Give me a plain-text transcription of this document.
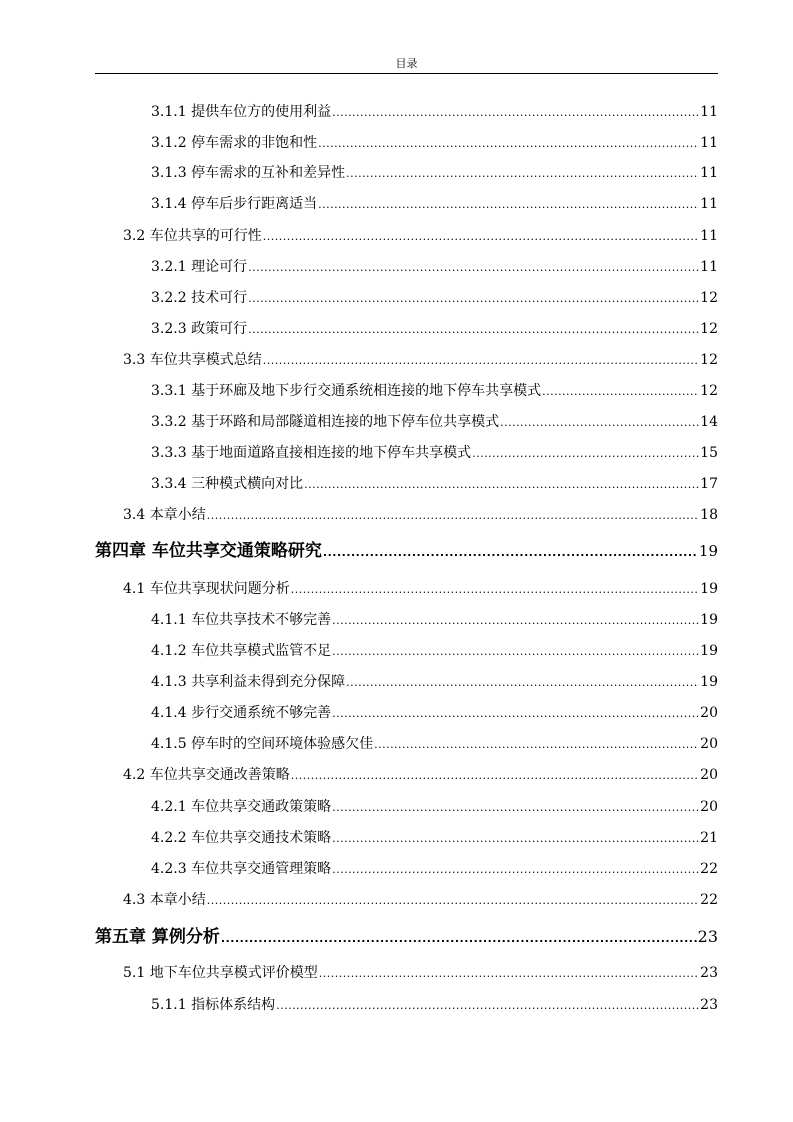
目录
3.1.1 提供车位方的使用利益 .....	11
3.1.2 停车需求的非饱和性 .....	11
3.1.3 停车需求的互补和差异性 .....	11
3.1.4 停车后步行距离适当 .....	11
3.2 车位共享的可行性 .....	11
3.2.1 理论可行 .....	11
3.2.2 技术可行 .....	12
3.2.3 政策可行 .....	12
3.3 车位共享模式总结 .....	12
3.3.1 基于环廊及地下步行交通系统相连接的地下停车共享模式 .....	12
3.3.2 基于环路和局部隧道相连接的地下停车位共享模式 .....	14
3.3.3 基于地面道路直接相连接的地下停车共享模式 .....	15
3.3.4 三种模式横向对比 .....	17
3.4 本章小结 .....	18
第四章 车位共享交通策略研究 .....	19
4.1 车位共享现状问题分析 .....	19
4.1.1 车位共享技术不够完善 .....	19
4.1.2 车位共享模式监管不足 .....	19
4.1.3 共享利益未得到充分保障 .....	19
4.1.4 步行交通系统不够完善 .....	20
4.1.5 停车时的空间环境体验感欠佳 .....	20
4.2 车位共享交通改善策略 .....	20
4.2.1 车位共享交通政策策略 .....	20
4.2.2 车位共享交通技术策略 .....	21
4.2.3 车位共享交通管理策略 .....	22
4.3 本章小结 .....	22
第五章 算例分析 .....	23
5.1 地下车位共享模式评价模型 .....	23
5.1.1 指标体系结构 .....	23
